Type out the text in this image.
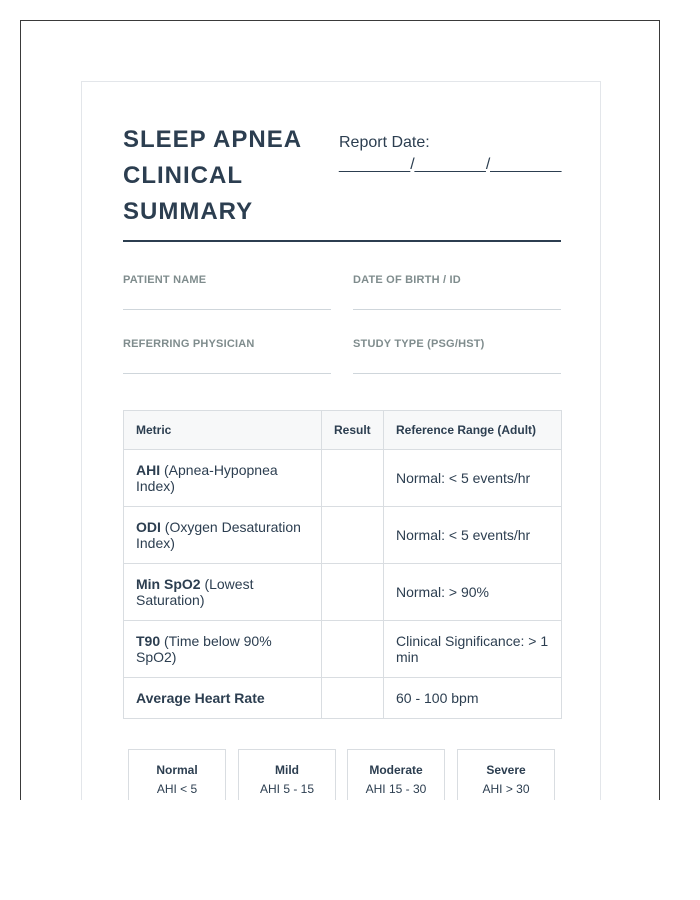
SLEEP APNEA CLINICAL SUMMARY
Report Date:
________/________/________
PATIENT NAME	DATE OF BIRTH / ID
REFERRING PHYSICIAN	STUDY TYPE (PSG/HST)
Metric	Result	Reference Range (Adult)
AHI (Apnea-Hypopnea Index)		Normal: < 5 events/hr
ODI (Oxygen Desaturation Index)		Normal: < 5 events/hr
Min SpO2 (Lowest Saturation)		Normal: > 90%
T90 (Time below 90% SpO2)		Clinical Significance: > 1 min
Average Heart Rate		60 - 100 bpm
Normal
AHI < 5
Mild
AHI 5 - 15
Moderate
AHI 15 - 30
Severe
AHI > 30
